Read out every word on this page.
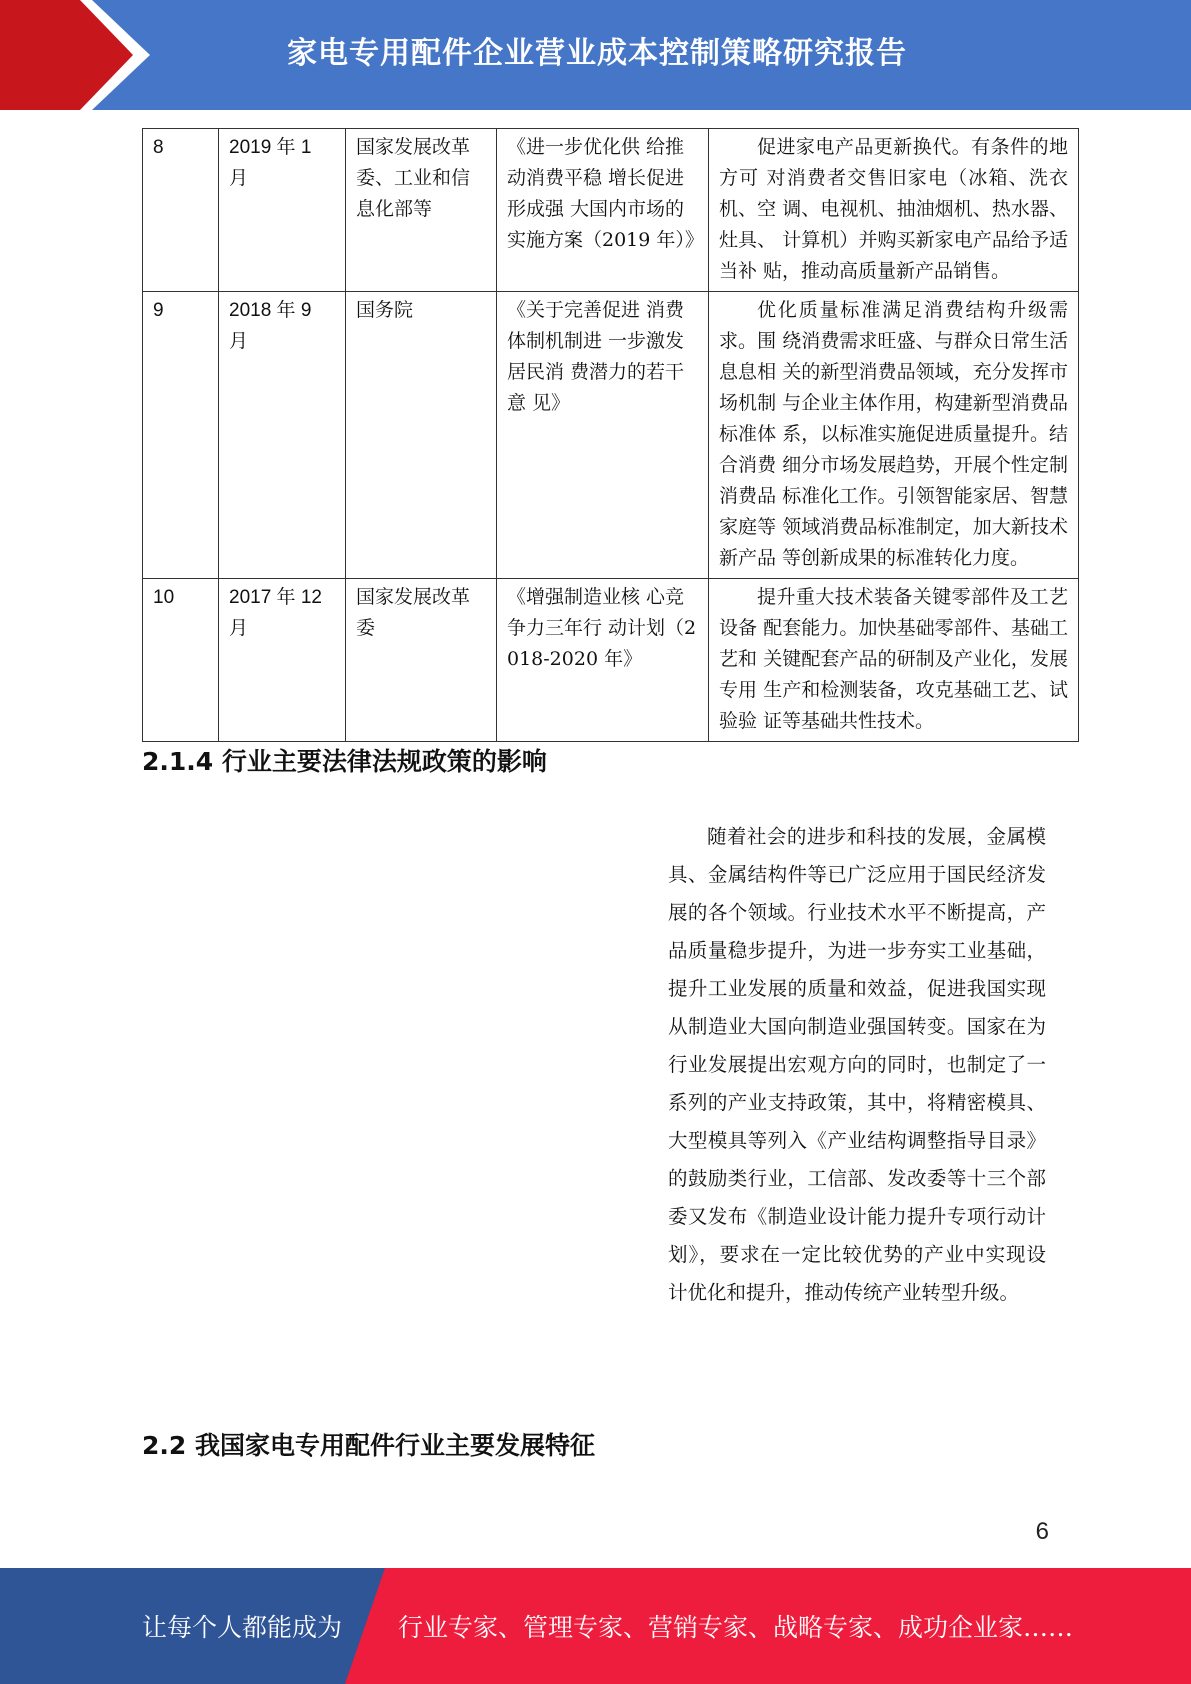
家电专用配件企业营业成本控制策略研究报告
8	2019 年 1 月	国家发展改革委、工业和信息化部等	《进一步优化供 给推动消费平稳 增长促进形成强 大国内市场的实施方案（2019 年）》	促进家电产品更新换代。有条件的地方可 对消费者交售旧家电（冰箱、洗衣机、空 调、电视机、抽油烟机、热水器、灶具、 计算机）并购买新家电产品给予适当补 贴，推动高质量新产品销售。
9	2018 年 9 月	国务院	《关于完善促进 消费体制机制进 一步激发居民消 费潜力的若干意 见》	优化质量标准满足消费结构升级需求。围 绕消费需求旺盛、与群众日常生活息息相 关的新型消费品领域，充分发挥市场机制 与企业主体作用，构建新型消费品标准体 系，以标准实施促进质量提升。结合消费 细分市场发展趋势，开展个性定制消费品 标准化工作。引领智能家居、智慧家庭等 领域消费品标准制定，加大新技术新产品 等创新成果的标准转化力度。
10	2017 年 12 月	国家发展改革委	《增强制造业核 心竞争力三年行 动计划（2018-2020 年》	提升重大技术装备关键零部件及工艺设备 配套能力。加快基础零部件、基础工艺和 关键配套产品的研制及产业化，发展专用 生产和检测装备，攻克基础工艺、试验验 证等基础共性技术。
2.1.4 行业主要法律法规政策的影响
随着社会的进步和科技的发展，金属模具、金属结构件等已广泛应用于国民经济发展的各个领域。行业技术水平不断提高，产品质量稳步提升，为进一步夯实工业基础，提升工业发展的质量和效益，促进我国实现从制造业大国向制造业强国转变。国家在为行业发展提出宏观方向的同时，也制定了一系列的产业支持政策，其中，将精密模具、大型模具等列入《产业结构调整指导目录》的鼓励类行业，工信部、发改委等十三个部委又发布《制造业设计能力提升专项行动计划》，要求在一定比较优势的产业中实现设计优化和提升，推动传统产业转型升级。
2.2 我国家电专用配件行业主要发展特征
6
让每个人都能成为 行业专家、管理专家、营销专家、战略专家、成功企业家……
